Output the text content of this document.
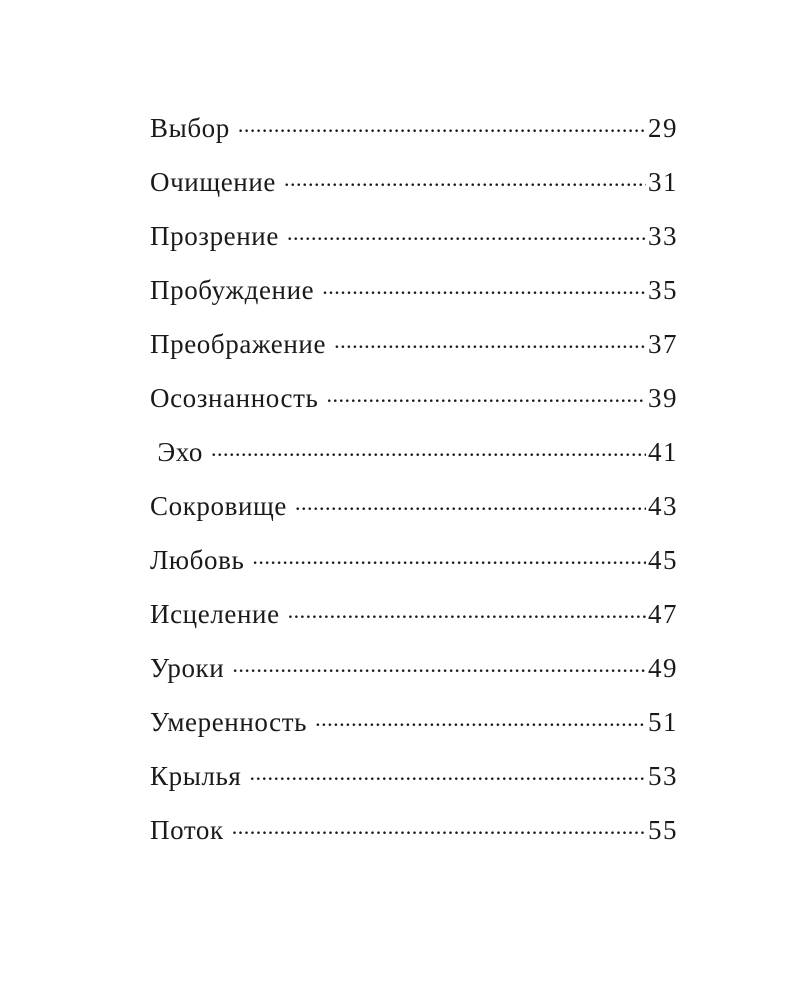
Выбор .....	29
Очищение .....	31
Прозрение .....	33
Пробуждение .....	35
Преображение .....	37
Осознанность .....	39
Эхо .....	41
Сокровище .....	43
Любовь .....	45
Исцеление .....	47
Уроки .....	49
Умеренность .....	51
Крылья .....	53
Поток .....	55
